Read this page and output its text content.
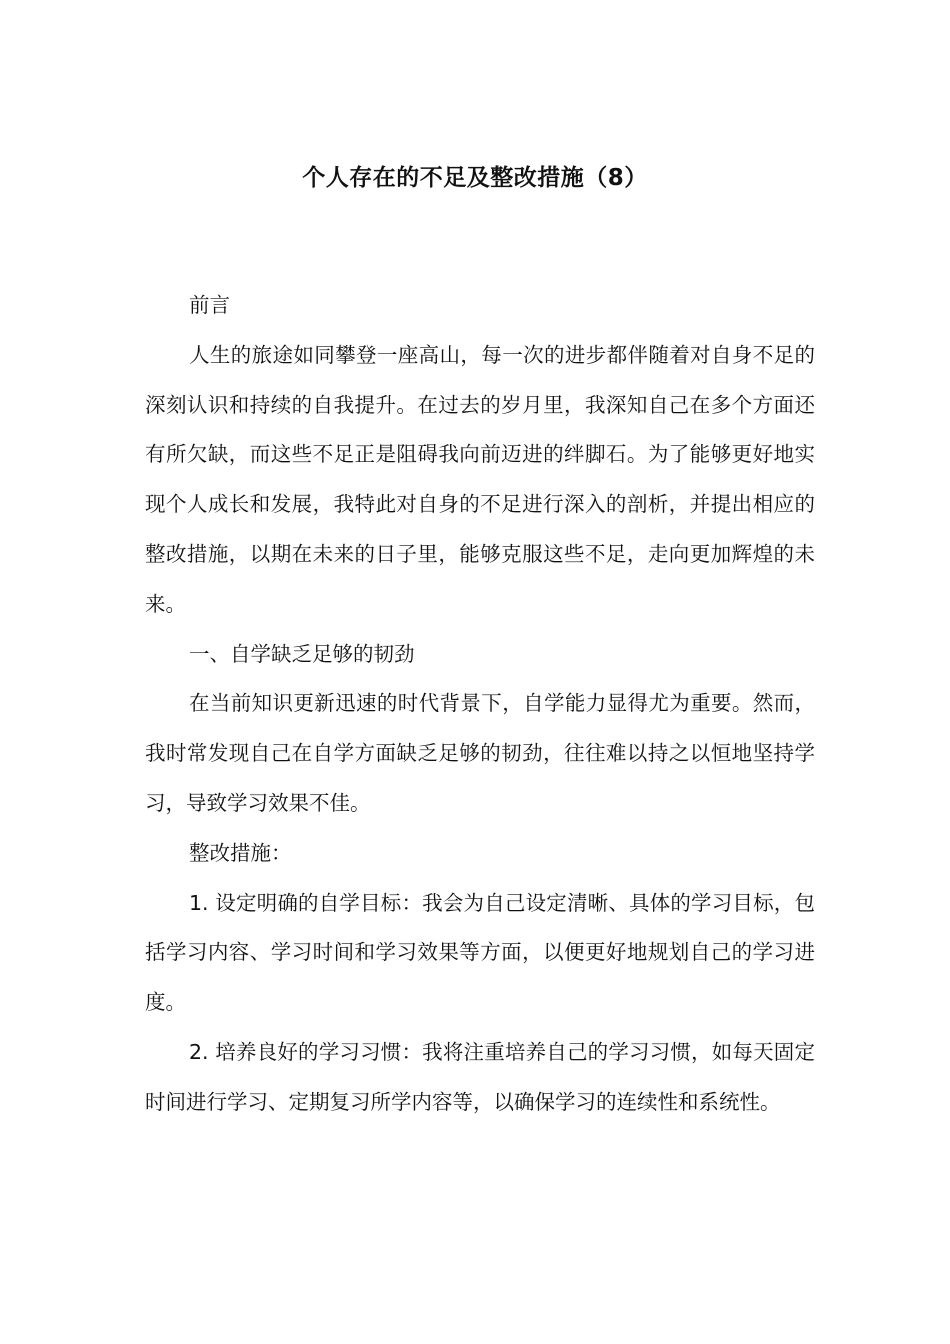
个人存在的不足及整改措施（8）

前言

人生的旅途如同攀登一座高山，每一次的进步都伴随着对自身不足的深刻认识和持续的自我提升。在过去的岁月里，我深知自己在多个方面还有所欠缺，而这些不足正是阻碍我向前迈进的绊脚石。为了能够更好地实现个人成长和发展，我特此对自身的不足进行深入的剖析，并提出相应的整改措施，以期在未来的日子里，能够克服这些不足，走向更加辉煌的未来。

一、自学缺乏足够的韧劲

在当前知识更新迅速的时代背景下，自学能力显得尤为重要。然而，我时常发现自己在自学方面缺乏足够的韧劲，往往难以持之以恒地坚持学习，导致学习效果不佳。

整改措施：

1. 设定明确的自学目标：我会为自己设定清晰、具体的学习目标，包括学习内容、学习时间和学习效果等方面，以便更好地规划自己的学习进度。

2. 培养良好的学习习惯：我将注重培养自己的学习习惯，如每天固定时间进行学习、定期复习所学内容等，以确保学习的连续性和系统性。
